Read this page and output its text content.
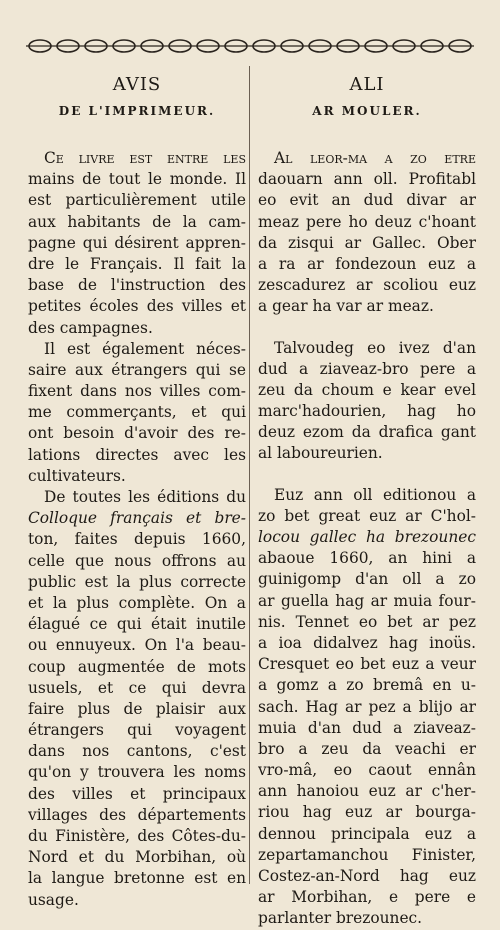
AVIS
DE L'IMPRIMEUR.
Ce livre est entre les
mains de tout le monde. Il
est particulièrement utile
aux habitants de la cam-
pagne qui désirent appren-
dre le Français. Il fait la
base de l'instruction des
petites écoles des villes et
des campagnes.
Il est également néces-
saire aux étrangers qui se
fixent dans nos villes com-
me commerçants, et qui
ont besoin d'avoir des re-
lations directes avec les
cultivateurs.
De toutes les éditions du
Colloque français et bre-
ton, faites depuis 1660,
celle que nous offrons au
public est la plus correcte
et la plus complète. On a
élagué ce qui était inutile
ou ennuyeux. On l'a beau-
coup augmentée de mots
usuels, et ce qui devra
faire plus de plaisir aux
étrangers qui voyagent
dans nos cantons, c'est
qu'on y trouvera les noms
des villes et principaux
villages des départements
du Finistère, des Côtes-du-
Nord et du Morbihan, où
la langue bretonne est en
usage.
ALI
AR MOULER.
Al leor-ma a zo etre
daouarn ann oll. Profitabl
eo evit an dud divar ar
meaz pere ho deuz c'hoant
da zisqui ar Gallec. Ober
a ra ar fondezoun euz a
zescadurez ar scoliou euz
a gear ha var ar meaz.
Talvoudeg eo ivez d'an
dud a ziaveaz-bro pere a
zeu da choum e kear evel
marc'hadourien, hag ho
deuz ezom da drafica gant
al laboureurien.
Euz ann oll editionou a
zo bet great euz ar C'hol-
locou gallec ha brezounec
abaoue 1660, an hini a
guinigomp d'an oll a zo
ar guella hag ar muia four-
nis. Tennet eo bet ar pez
a ioa didalvez hag inoüs.
Cresquet eo bet euz a veur
a gomz a zo bremâ en u-
sach. Hag ar pez a blijo ar
muia d'an dud a ziaveaz-
bro a zeu da veachi er
vro-mâ, eo caout ennân
ann hanoiou euz ar c'her-
riou hag euz ar bourga-
dennou principala euz a
zepartamanchou Finister,
Costez-an-Nord hag euz
ar Morbihan, e pere e
parlanter brezounec.
